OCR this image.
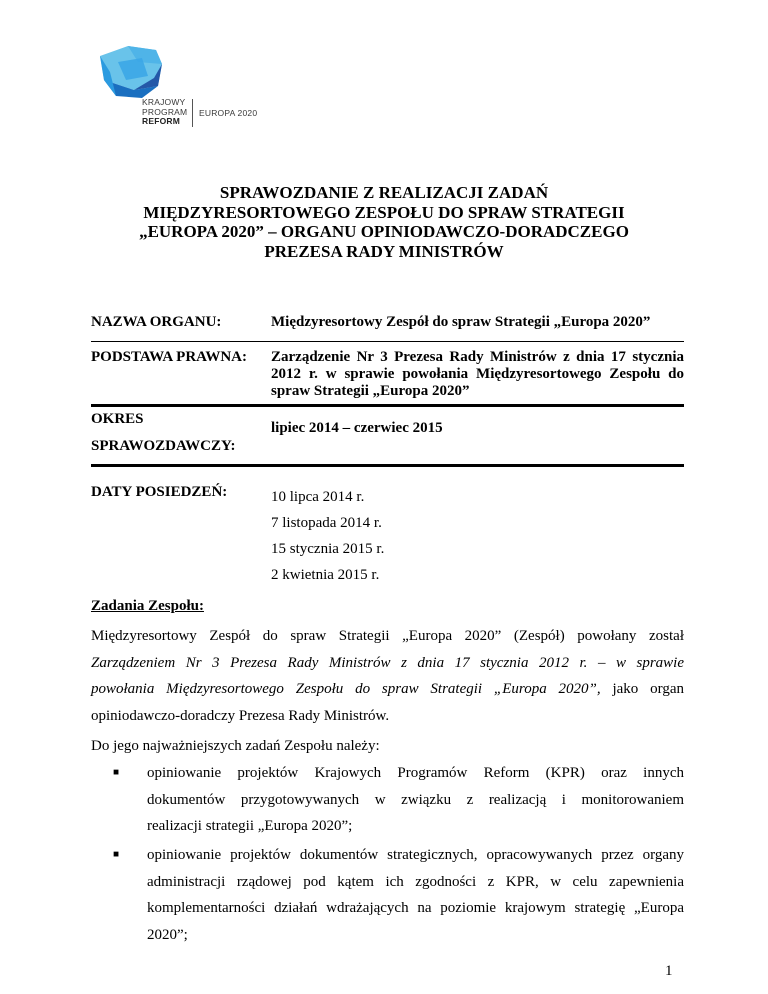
KRAJOWY
PROGRAM
REFORM
EUROPA 2020
SPRAWOZDANIE Z REALIZACJI ZADAŃ
MIĘDZYRESORTOWEGO ZESPOŁU DO SPRAW STRATEGII
„EUROPA 2020” – ORGANU OPINIODAWCZO-DORADCZEGO
PREZESA RADY MINISTRÓW
NAZWA ORGANU:	Międzyresortowy Zespół do spraw Strategii „Europa 2020”
PODSTAWA PRAWNA: Zarządzenie Nr 3 Prezesa Rady Ministrów z dnia 17 stycznia
2012 r. w sprawie powołania Międzyresortowego Zespołu do
spraw Strategii „Europa 2020”
OKRES
SPRAWOZDAWCZY:
lipiec 2014 – czerwiec 2015
DATY POSIEDZEŃ:	10 lipca 2014 r.
7 listopada 2014 r.
15 stycznia 2015 r.
2 kwietnia 2015 r.
Zadania Zespołu:
Międzyresortowy Zespół do spraw Strategii „Europa 2020” (Zespół) powołany został
Zarządzeniem Nr 3 Prezesa Rady Ministrów z dnia 17 stycznia 2012 r. – w sprawie
powołania Międzyresortowego Zespołu do spraw Strategii „Europa 2020”, jako organ
opiniodawczo-doradczy Prezesa Rady Ministrów.
Do jego najważniejszych zadań Zespołu należy:
■ opiniowanie projektów Krajowych Programów Reform (KPR) oraz innych
dokumentów przygotowywanych w związku z realizacją i monitorowaniem
realizacji strategii „Europa 2020”;
■ opiniowanie projektów dokumentów strategicznych, opracowywanych przez organy
administracji rządowej pod kątem ich zgodności z KPR, w celu zapewnienia
komplementarności działań wdrażających na poziomie krajowym strategię „Europa
2020”;
1
